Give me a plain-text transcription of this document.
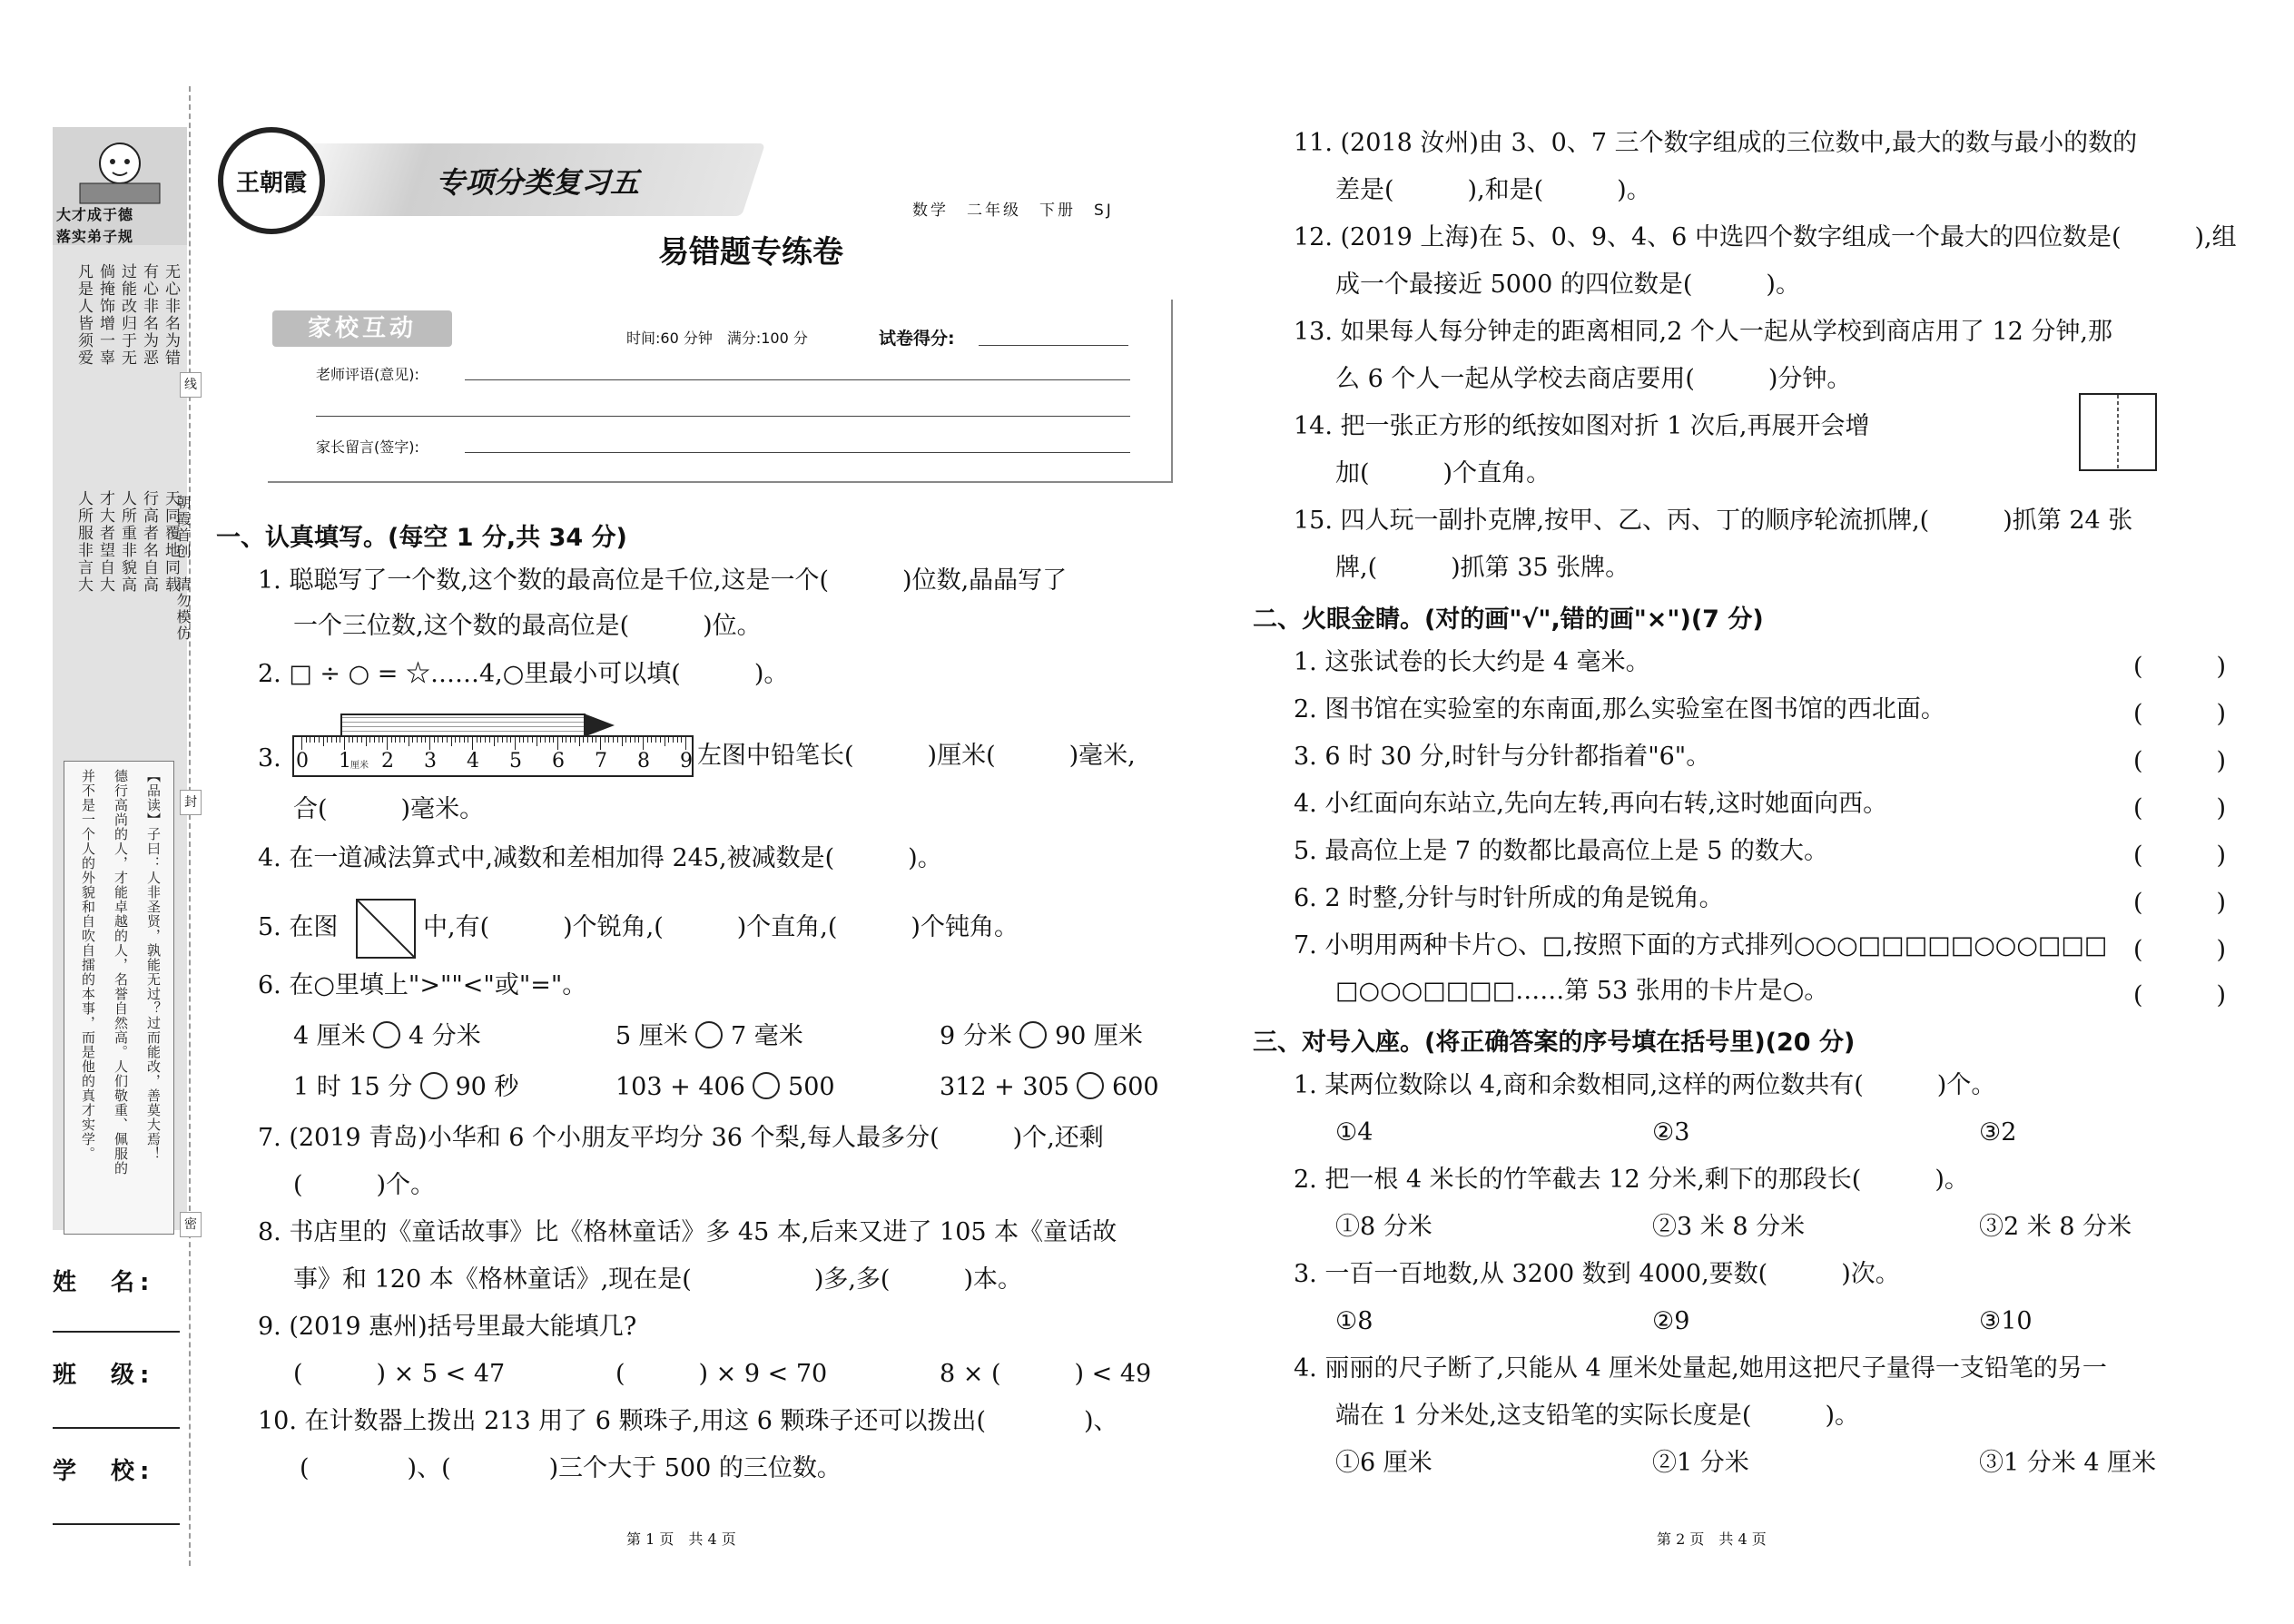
大才成于德
落实弟子规
无心非名为错
有心非名为恶
过能改归于无
倘掩饰增一辜
凡是人皆须爱
天同覆地同载
行高者名自高
人所重非貌高
才大者望自大
人所服非言大
【品读】子曰：人非圣贤，孰能无过？过而能改，善莫大焉！
德行高尚的人，才能卓越的人，名誉自然高。人们敬重、佩服的
并不是一个人的外貌和自吹自擂的本事，而是他的真才实学。
姓　名:
班　级:
学　校:
线
封
密
朝霞首创　请勿模仿
王朝霞	专项分类复习五
数学　二年级　下册　SJ
易错题专练卷
家校互动	时间:60 分钟　满分:100 分	试卷得分:
老师评语(意见):
家长留言(签字):
一、认真填写。(每空 1 分,共 34 分)
1. 聪聪写了一个数,这个数的最高位是千位,这是一个(　　　)位数,晶晶写了
一个三位数,这个数的最高位是(　　　)位。
2. □ ÷ ○ = ☆……4,○里最小可以填(　　　)。
3. 0 1 2 3 4 5 6 7 8 9
厘米	左图中铅笔长(　　　)厘米(　　　)毫米,
合(　　　)毫米。
4. 在一道减法算式中,减数和差相加得 245,被减数是(　　　)。
5. 在图	中,有(　　　)个锐角,(　　　)个直角,(　　　)个钝角。
6. 在○里填上">""<"或"="。
4 厘米 4 分米	5 厘米 7 毫米	9 分米 90 厘米
1 时 15 分 90 秒	103 + 406 500	312 + 305 600
7. (2019 青岛)小华和 6 个小朋友平均分 36 个梨,每人最多分(　　　)个,还剩
(　　　)个。
8. 书店里的《童话故事》比《格林童话》多 45 本,后来又进了 105 本《童话故
事》和 120 本《格林童话》,现在是(　　　　　)多,多(　　　)本。
9. (2019 惠州)括号里最大能填几?
(　　　) × 5 < 47	(　　　) × 9 < 70	8 × (　　　) < 49
10. 在计数器上拨出 213 用了 6 颗珠子,用这 6 颗珠子还可以拨出(　　　　)、
(　　　　)、(　　　　)三个大于 500 的三位数。
第 1 页　共 4 页
11. (2018 汝州)由 3、0、7 三个数字组成的三位数中,最大的数与最小的数的
差是(　　　),和是(　　　)。
12. (2019 上海)在 5、0、9、4、6 中选四个数字组成一个最大的四位数是(　　　),组
成一个最接近 5000 的四位数是(　　　)。
13. 如果每人每分钟走的距离相同,2 个人一起从学校到商店用了 12 分钟,那
么 6 个人一起从学校去商店要用(　　　)分钟。
14. 把一张正方形的纸按如图对折 1 次后,再展开会增
加(　　　)个直角。
15. 四人玩一副扑克牌,按甲、乙、丙、丁的顺序轮流抓牌,(　　　)抓第 24 张
牌,(　　　)抓第 35 张牌。
二、火眼金睛。(对的画"√",错的画"×")(7 分)
1. 这张试卷的长大约是 4 毫米。	(　　　)
2. 图书馆在实验室的东南面,那么实验室在图书馆的西北面。	(　　　)
3. 6 时 30 分,时针与分针都指着"6"。	(　　　)
4. 小红面向东站立,先向左转,再向右转,这时她面向西。	(　　　)
5. 最高位上是 7 的数都比最高位上是 5 的数大。	(　　　)
6. 2 时整,分针与时针所成的角是锐角。	(　　　)
7. 小明用两种卡片○、□,按照下面的方式排列○○○□□□□□○○○□□□ (　　　)
□○○○□□□□……第 53 张用的卡片是○。	(　　　)
三、对号入座。(将正确答案的序号填在括号里)(20 分)
1. 某两位数除以 4,商和余数相同,这样的两位数共有(　　　)个。
①4	②3	③2
2. 把一根 4 米长的竹竿截去 12 分米,剩下的那段长(　　　)。
①8 分米	②3 米 8 分米	③2 米 8 分米
3. 一百一百地数,从 3200 数到 4000,要数(　　　)次。
①8	②9	③10
4. 丽丽的尺子断了,只能从 4 厘米处量起,她用这把尺子量得一支铅笔的另一
端在 1 分米处,这支铅笔的实际长度是(　　　)。
①6 厘米	②1 分米	③1 分米 4 厘米
第 2 页　共 4 页
